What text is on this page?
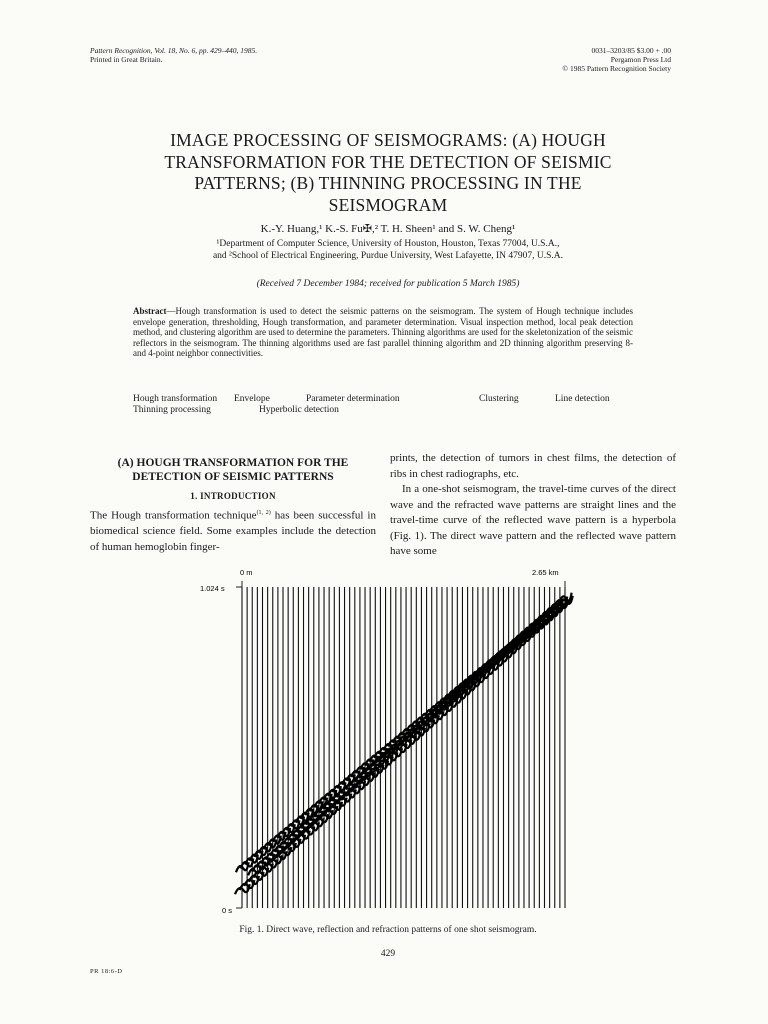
Pattern Recognition, Vol. 18, No. 6, pp. 429–440, 1985.
Printed in Great Britain.
0031–3203/85 $3.00 + .00
Pergamon Press Ltd
© 1985 Pattern Recognition Society
IMAGE PROCESSING OF SEISMOGRAMS: (A) HOUGH
TRANSFORMATION FOR THE DETECTION OF SEISMIC
PATTERNS; (B) THINNING PROCESSING IN THE
SEISMOGRAM
K.-Y. Huang,¹ K.-S. Fu✠,² T. H. Sheen¹ and S. W. Cheng¹
¹Department of Computer Science, University of Houston, Houston, Texas 77004, U.S.A.,
and ²School of Electrical Engineering, Purdue University, West Lafayette, IN 47907, U.S.A.
(Received 7 December 1984; received for publication 5 March 1985)
Abstract—Hough transformation is used to detect the seismic patterns on the seismogram. The system of Hough technique includes envelope generation, thresholding, Hough transformation, and parameter determination. Visual inspection method, local peak detection method, and clustering algorithm are used to determine the parameters. Thinning algorithms are used for the skeletonization of the seismic reflectors in the seismogram. The thinning algorithms used are fast parallel thinning algorithm and 2D thinning algorithm preserving 8- and 4-point neighbor connectivities.
Hough transformation Envelope	Parameter determination	Clustering	Line detection
Thinning processing	Hyperbolic detection
(A) HOUGH TRANSFORMATION FOR THE
DETECTION OF SEISMIC PATTERNS
1. INTRODUCTION
The Hough transformation technique$^{(1, 2)}$ has been successful in biomedical science field. Some examples include the detection of human hemoglobin finger-
prints, the detection of tumors in chest films, the detection of ribs in chest radiographs, etc.
In a one-shot seismogram, the travel-time curves of the direct wave and the refracted wave patterns are straight lines and the travel-time curve of the reflected wave pattern is a hyperbola (Fig. 1). The direct wave pattern and the reflected wave pattern have some
0 m	2.65 km
1.024 s
0 s
Fig. 1. Direct wave, reflection and refraction patterns of one shot seismogram.
429
PR 18:6-D
